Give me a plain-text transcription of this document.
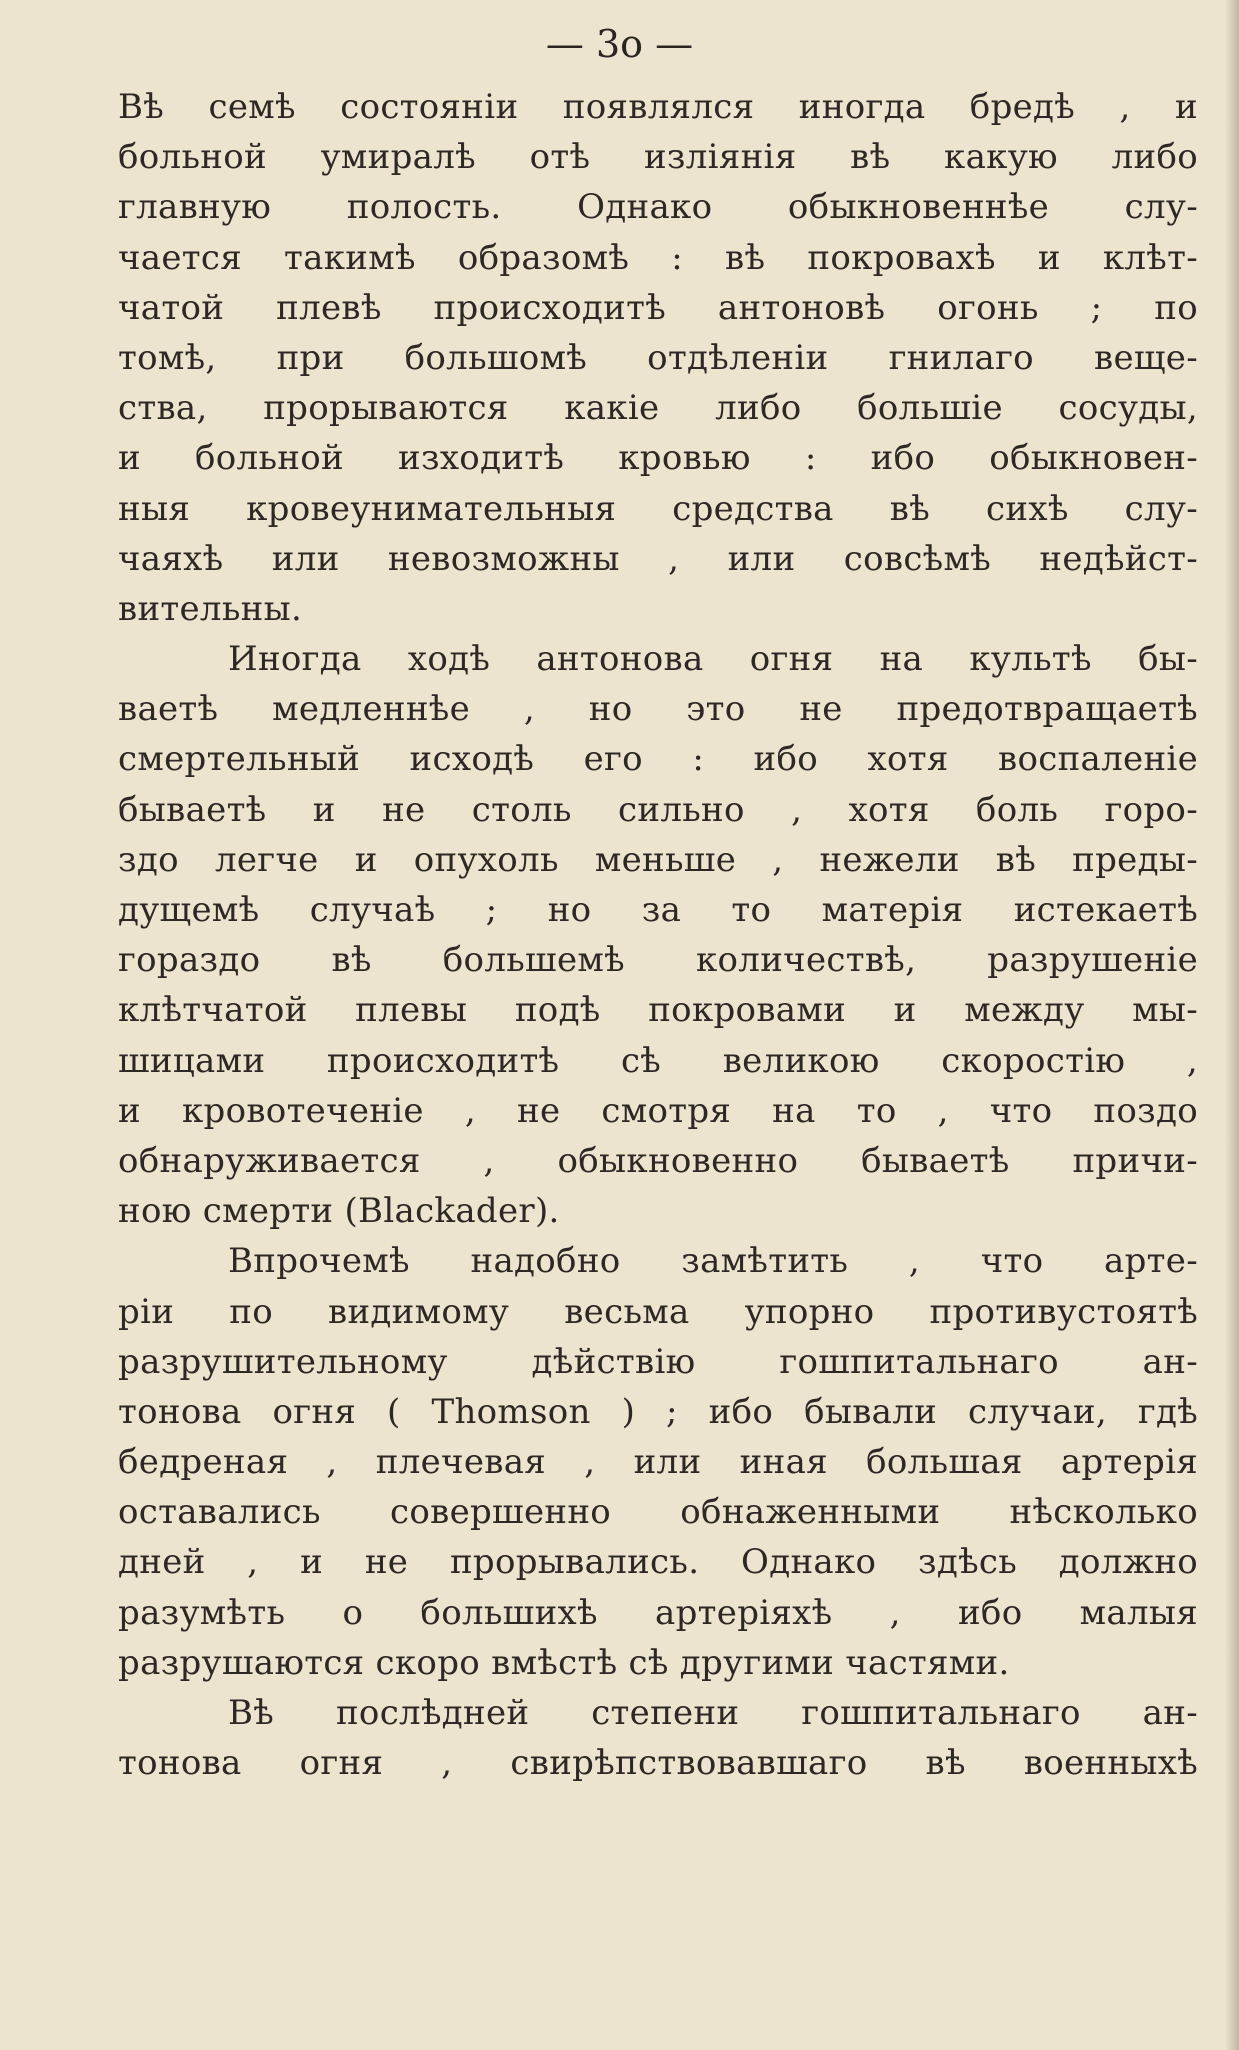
— 3о —

Вѣ семѣ состояніи появлялся иногда бредѣ , и
больной умиралѣ отѣ изліянія вѣ какую либо
главную полость. Однако обыкновеннѣе слу-
чается такимѣ образомѣ : вѣ покровахѣ и клѣт-
чатой плевѣ происходитѣ антоновѣ огонь ; по
томѣ, при большомѣ отдѣленіи гнилаго веще-
ства, прорываются какіе либо большіе сосуды,
и больной изходитѣ кровью : ибо обыкновен-
ныя кровеунимательныя средства вѣ сихѣ слу-
чаяхѣ или невозможны , или совсѣмѣ недѣйст-
вительны.
Иногда ходѣ антонова огня на культѣ бы-
ваетѣ медленнѣе , но это не предотвращаетѣ
смертельный исходѣ его : ибо хотя воспаленіе
бываетѣ и не столь сильно , хотя боль горо-
здо легче и опухоль меньше , нежели вѣ преды-
дущемѣ случаѣ ; но за то матерія истекаетѣ
гораздо вѣ большемѣ количествѣ, разрушеніе
клѣтчатой плевы подѣ покровами и между мы-
шицами происходитѣ сѣ великою скоростію ,
и кровотеченіе , не смотря на то , что поздо
обнаруживается , обыкновенно бываетѣ причи-
ною смерти (Blackader).
Впрочемѣ надобно замѣтить , что арте-
ріи по видимому весьма упорно противустоятѣ
разрушительному дѣйствію гошпитальнаго ан-
тонова огня ( Thomson ) ; ибо бывали случаи, гдѣ
бедреная , плечевая , или иная большая артерія
оставались совершенно обнаженными нѣсколько
дней , и не прорывались. Однако здѣсь должно
разумѣть о большихѣ артеріяхѣ , ибо малыя
разрушаются скоро вмѣстѣ сѣ другими частями.
Вѣ послѣдней степени гошпитальнаго ан-
тонова огня , свирѣпствовавшаго вѣ военныхѣ
